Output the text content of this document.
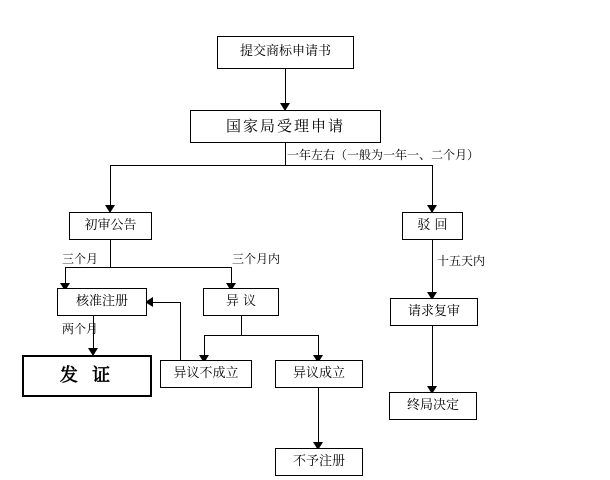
提交商标申请书
国家局受理申请
一年左右（一般为一年一、二个月）
初审公告	驳 回
三个月	三个月内
核准注册	异 议
两个月
发 证	异议不成立	异议成立
不予注册
十五天内
请求复审
终局决定
